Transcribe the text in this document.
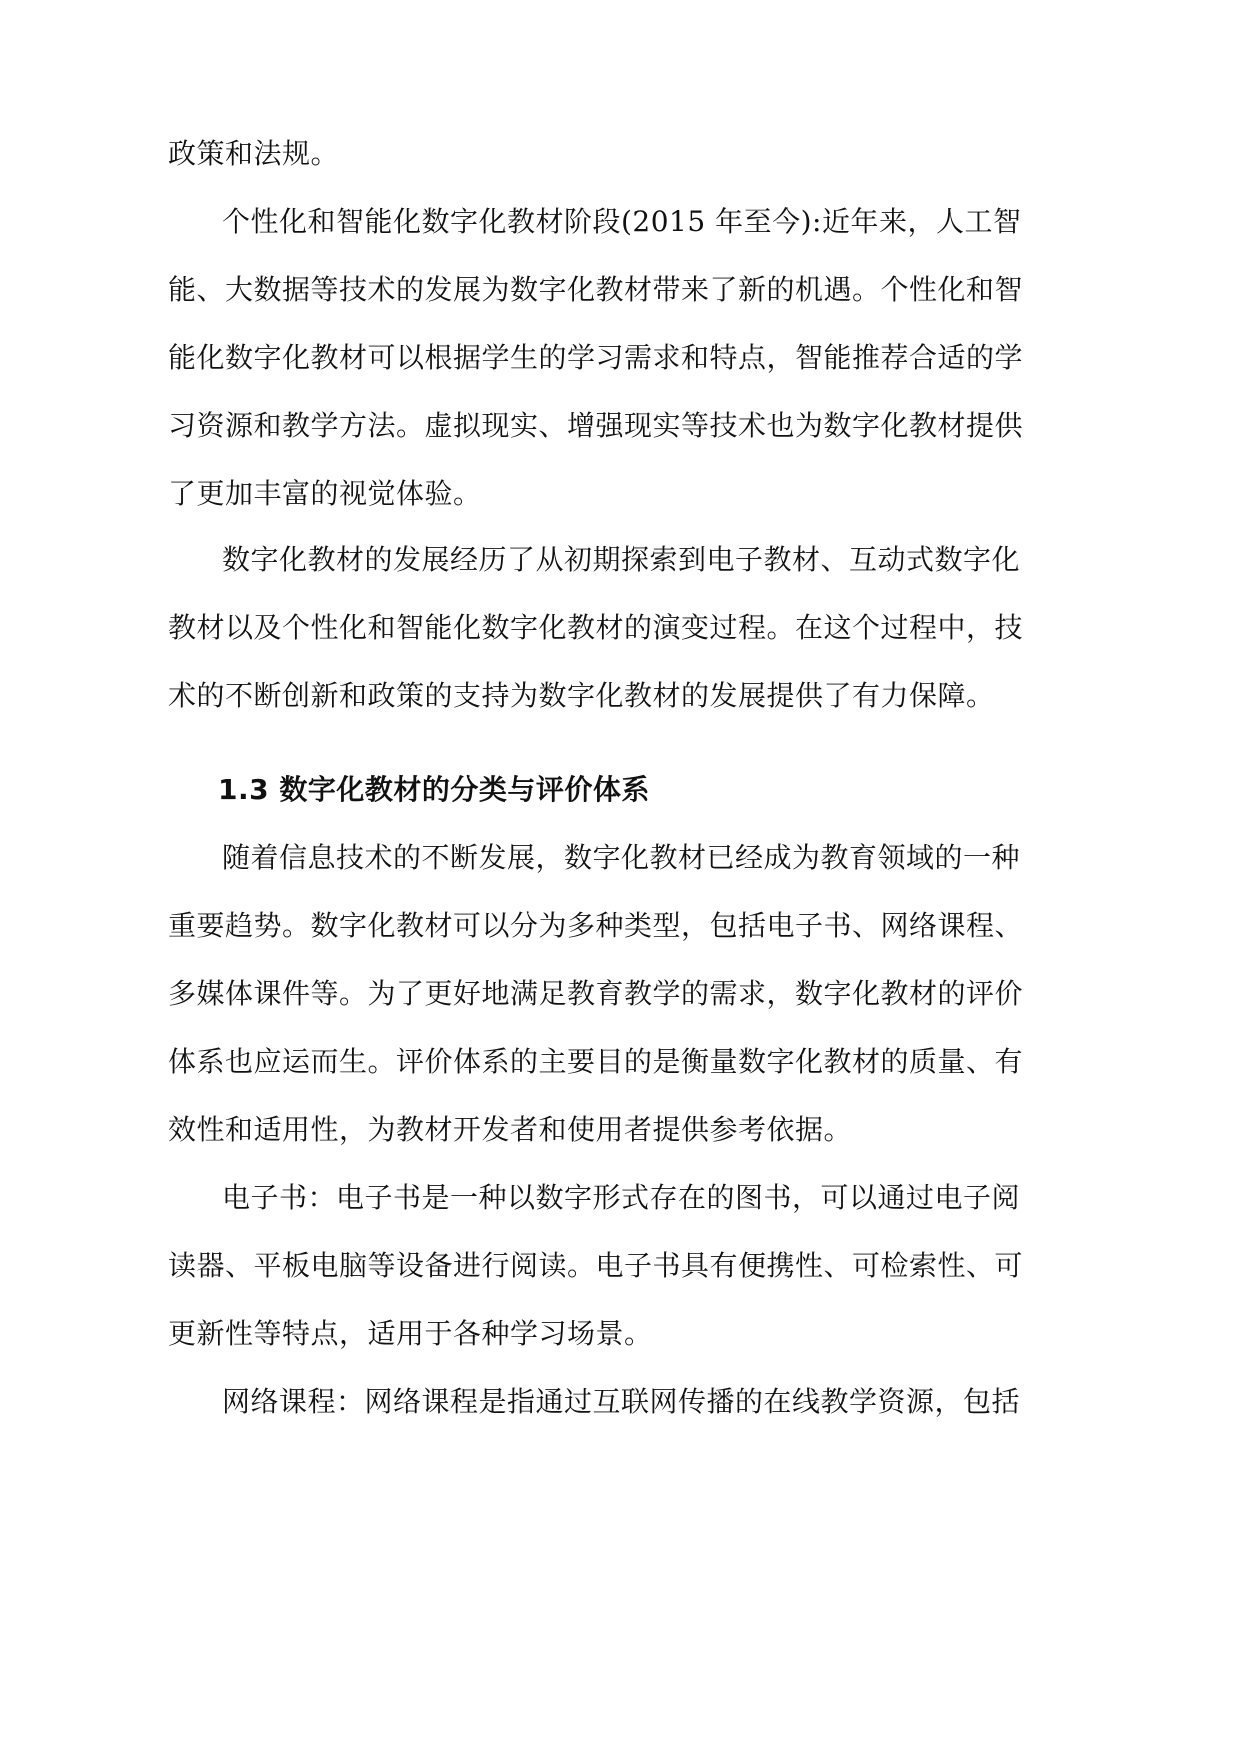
政策和法规。
个性化和智能化数字化教材阶段(2015 年至今):近年来，人工智
能、大数据等技术的发展为数字化教材带来了新的机遇。个性化和智
能化数字化教材可以根据学生的学习需求和特点，智能推荐合适的学
习资源和教学方法。虚拟现实、增强现实等技术也为数字化教材提供
了更加丰富的视觉体验。
数字化教材的发展经历了从初期探索到电子教材、互动式数字化
教材以及个性化和智能化数字化教材的演变过程。在这个过程中，技
术的不断创新和政策的支持为数字化教材的发展提供了有力保障。
1.3 数字化教材的分类与评价体系
随着信息技术的不断发展，数字化教材已经成为教育领域的一种
重要趋势。数字化教材可以分为多种类型，包括电子书、网络课程、
多媒体课件等。为了更好地满足教育教学的需求，数字化教材的评价
体系也应运而生。评价体系的主要目的是衡量数字化教材的质量、有
效性和适用性，为教材开发者和使用者提供参考依据。
电子书：电子书是一种以数字形式存在的图书，可以通过电子阅
读器、平板电脑等设备进行阅读。电子书具有便携性、可检索性、可
更新性等特点，适用于各种学习场景。
网络课程：网络课程是指通过互联网传播的在线教学资源，包括
